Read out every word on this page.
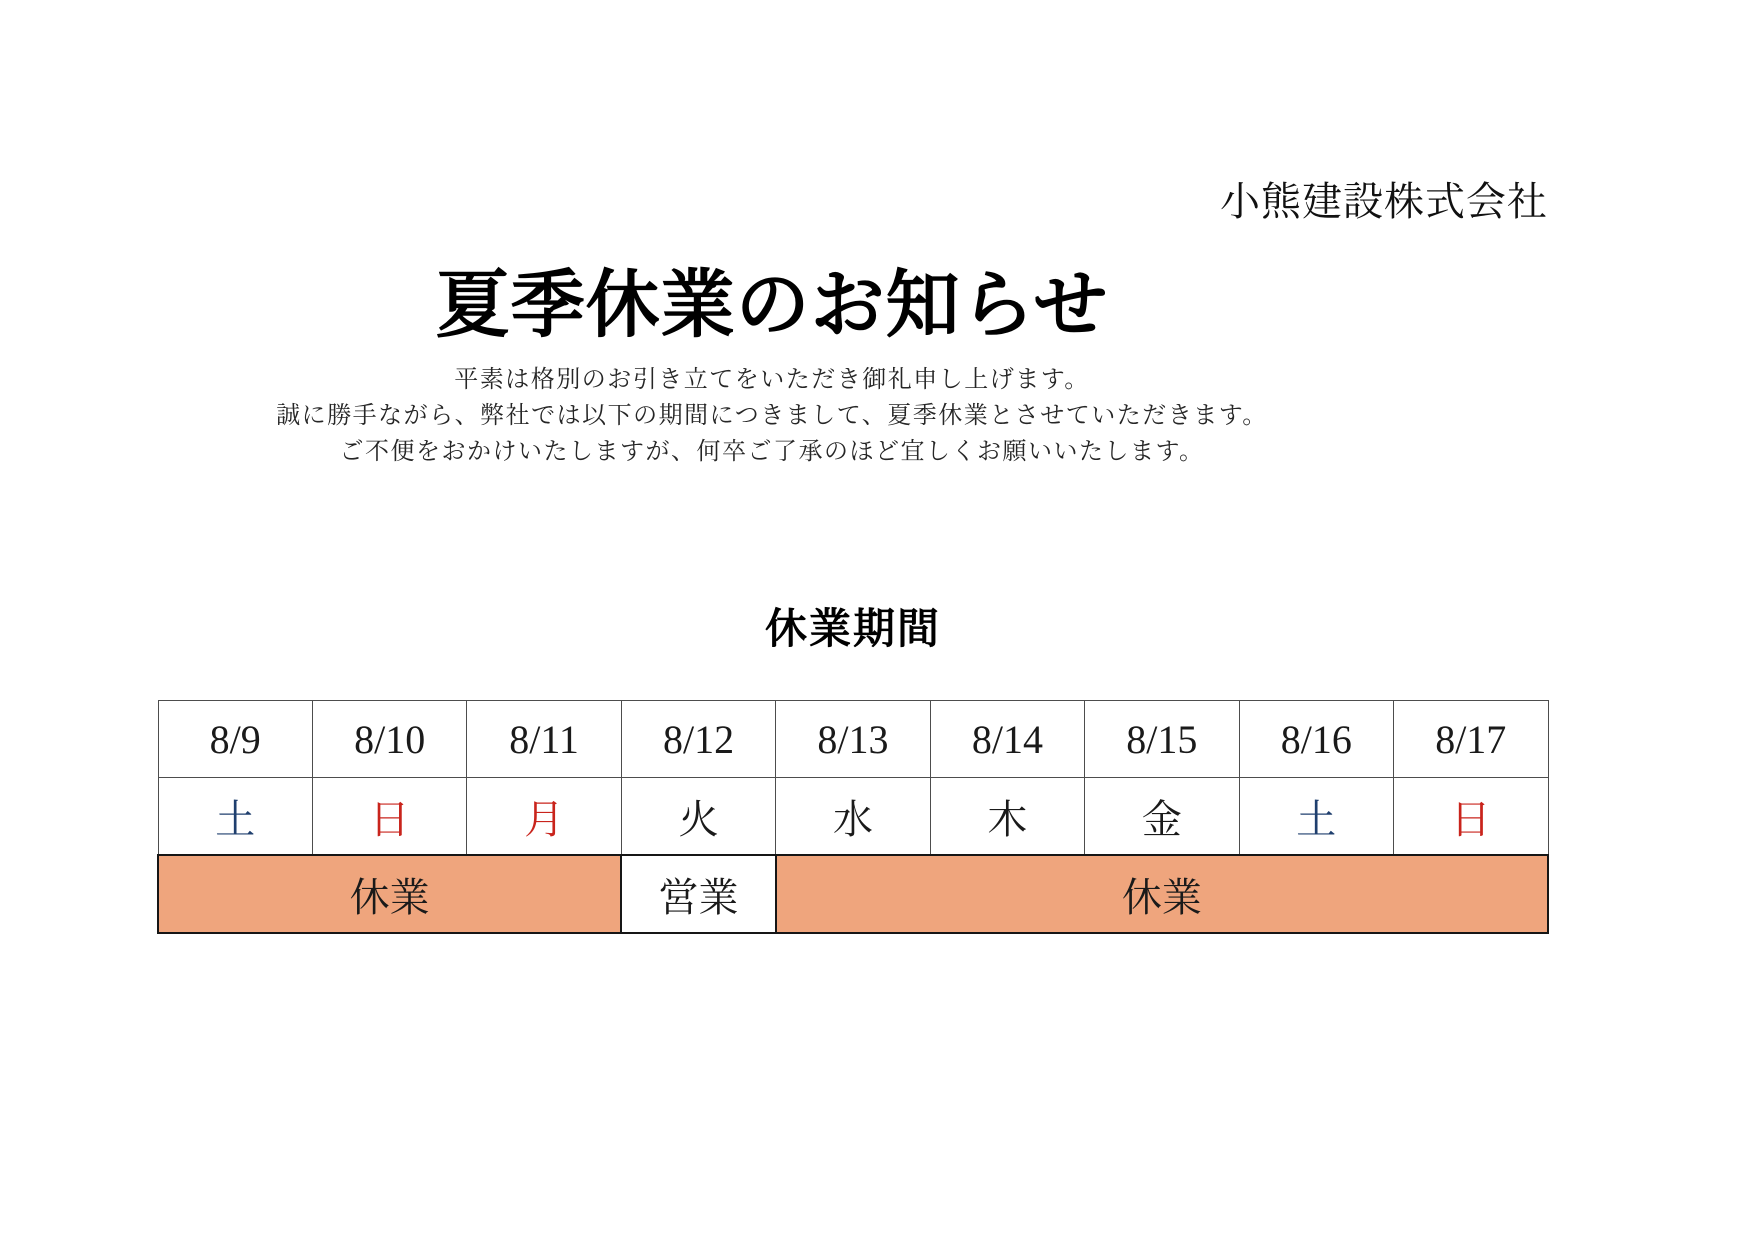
小熊建設株式会社
夏季休業のお知らせ
平素は格別のお引き立てをいただき御礼申し上げます。
誠に勝手ながら、弊社では以下の期間につきまして、夏季休業とさせていただきます。
ご不便をおかけいたしますが、何卒ご了承のほど宜しくお願いいたします。
休業期間
8/9	8/10	8/11	8/12	8/13	8/14	8/15	8/16	8/17
土	日	月	火	水	木	金	土	日
休業			営業	休業				
